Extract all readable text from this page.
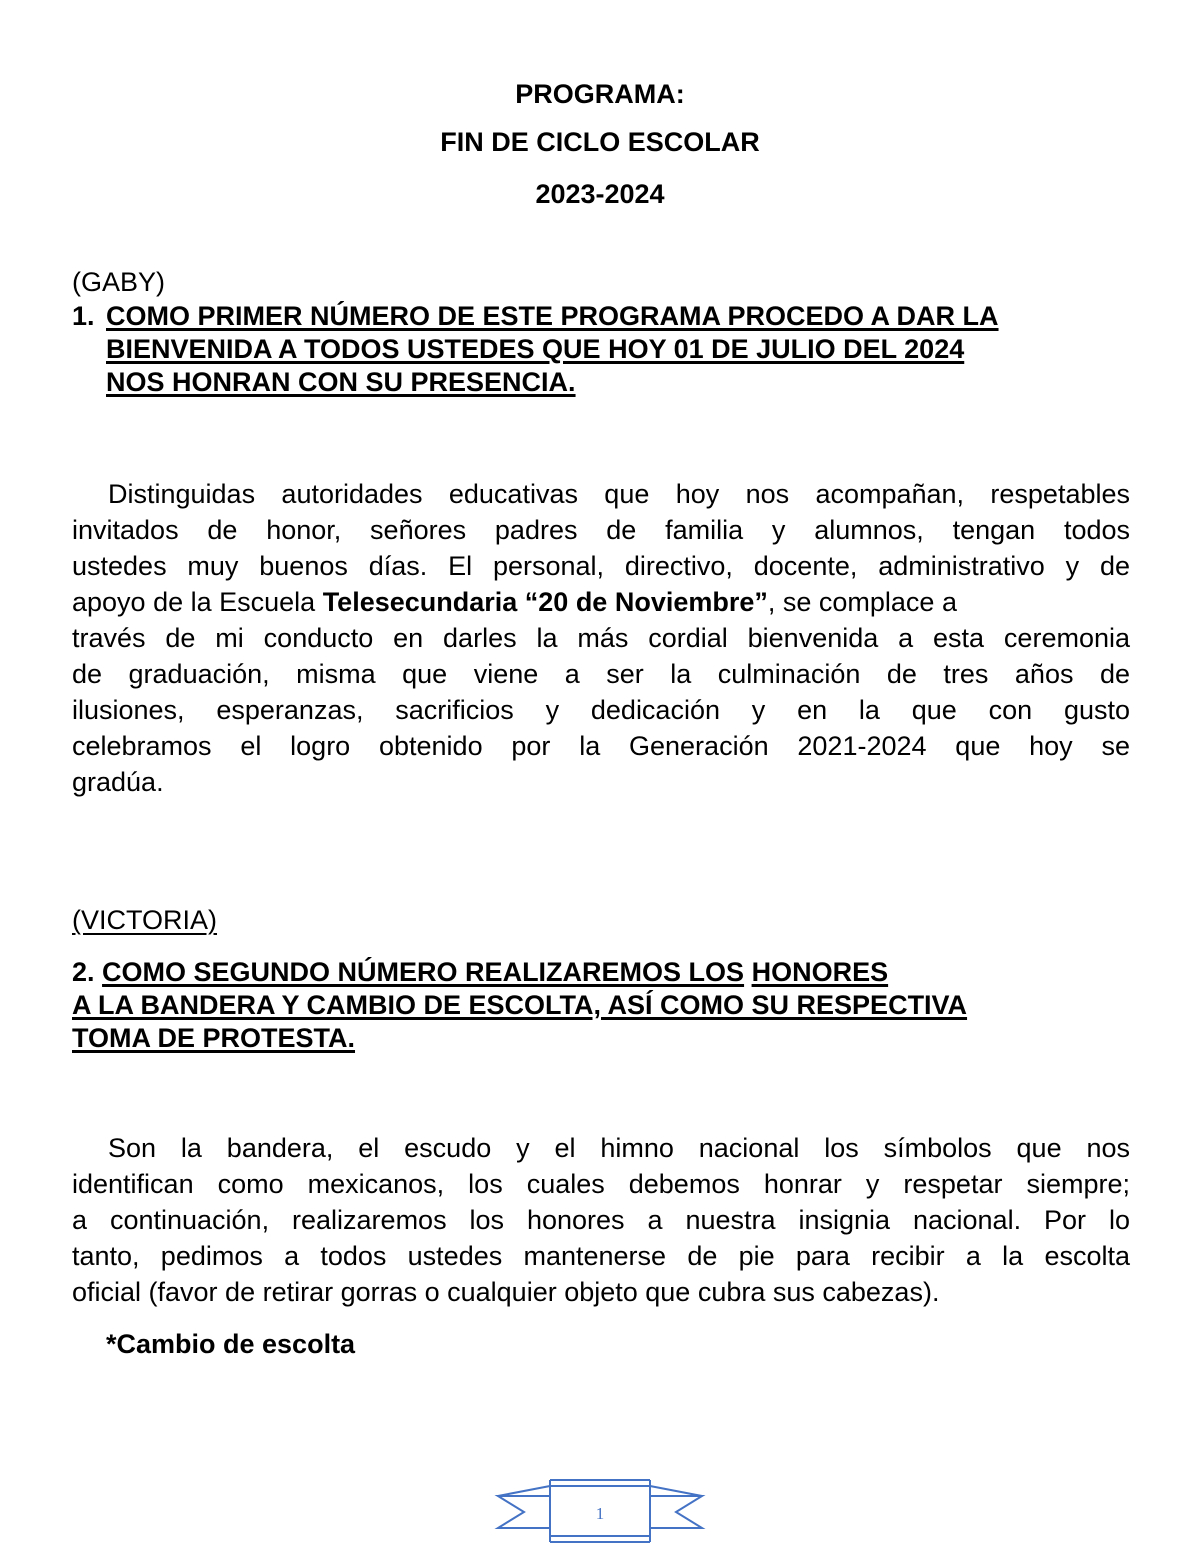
PROGRAMA:
FIN DE CICLO ESCOLAR
2023-2024
(GABY)
1. COMO PRIMER NÚMERO DE ESTE PROGRAMA PROCEDO A DAR LA
BIENVENIDA A TODOS USTEDES QUE HOY 01 DE JULIO DEL 2024
NOS HONRAN CON SU PRESENCIA.
Distinguidas autoridades educativas que hoy nos acompañan, respetables
invitados de honor, señores padres de familia y alumnos, tengan todos
ustedes muy buenos días. El personal, directivo, docente, administrativo y de
apoyo de la Escuela Telesecundaria “20 de Noviembre”, se complace a
través de mi conducto en darles la más cordial bienvenida a esta ceremonia
de graduación, misma que viene a ser la culminación de tres años de
ilusiones, esperanzas, sacrificios y dedicación y en la que con gusto
celebramos el logro obtenido por la Generación 2021-2024 que hoy se
gradúa.
(VICTORIA)
2. COMO SEGUNDO NÚMERO REALIZAREMOS LOS HONORES
A LA BANDERA Y CAMBIO DE ESCOLTA, ASÍ COMO SU RESPECTIVA
TOMA DE PROTESTA.
Son la bandera, el escudo y el himno nacional los símbolos que nos
identifican como mexicanos, los cuales debemos honrar y respetar siempre;
a continuación, realizaremos los honores a nuestra insignia nacional. Por lo
tanto, pedimos a todos ustedes mantenerse de pie para recibir a la escolta
oficial (favor de retirar gorras o cualquier objeto que cubra sus cabezas).
*Cambio de escolta
1
